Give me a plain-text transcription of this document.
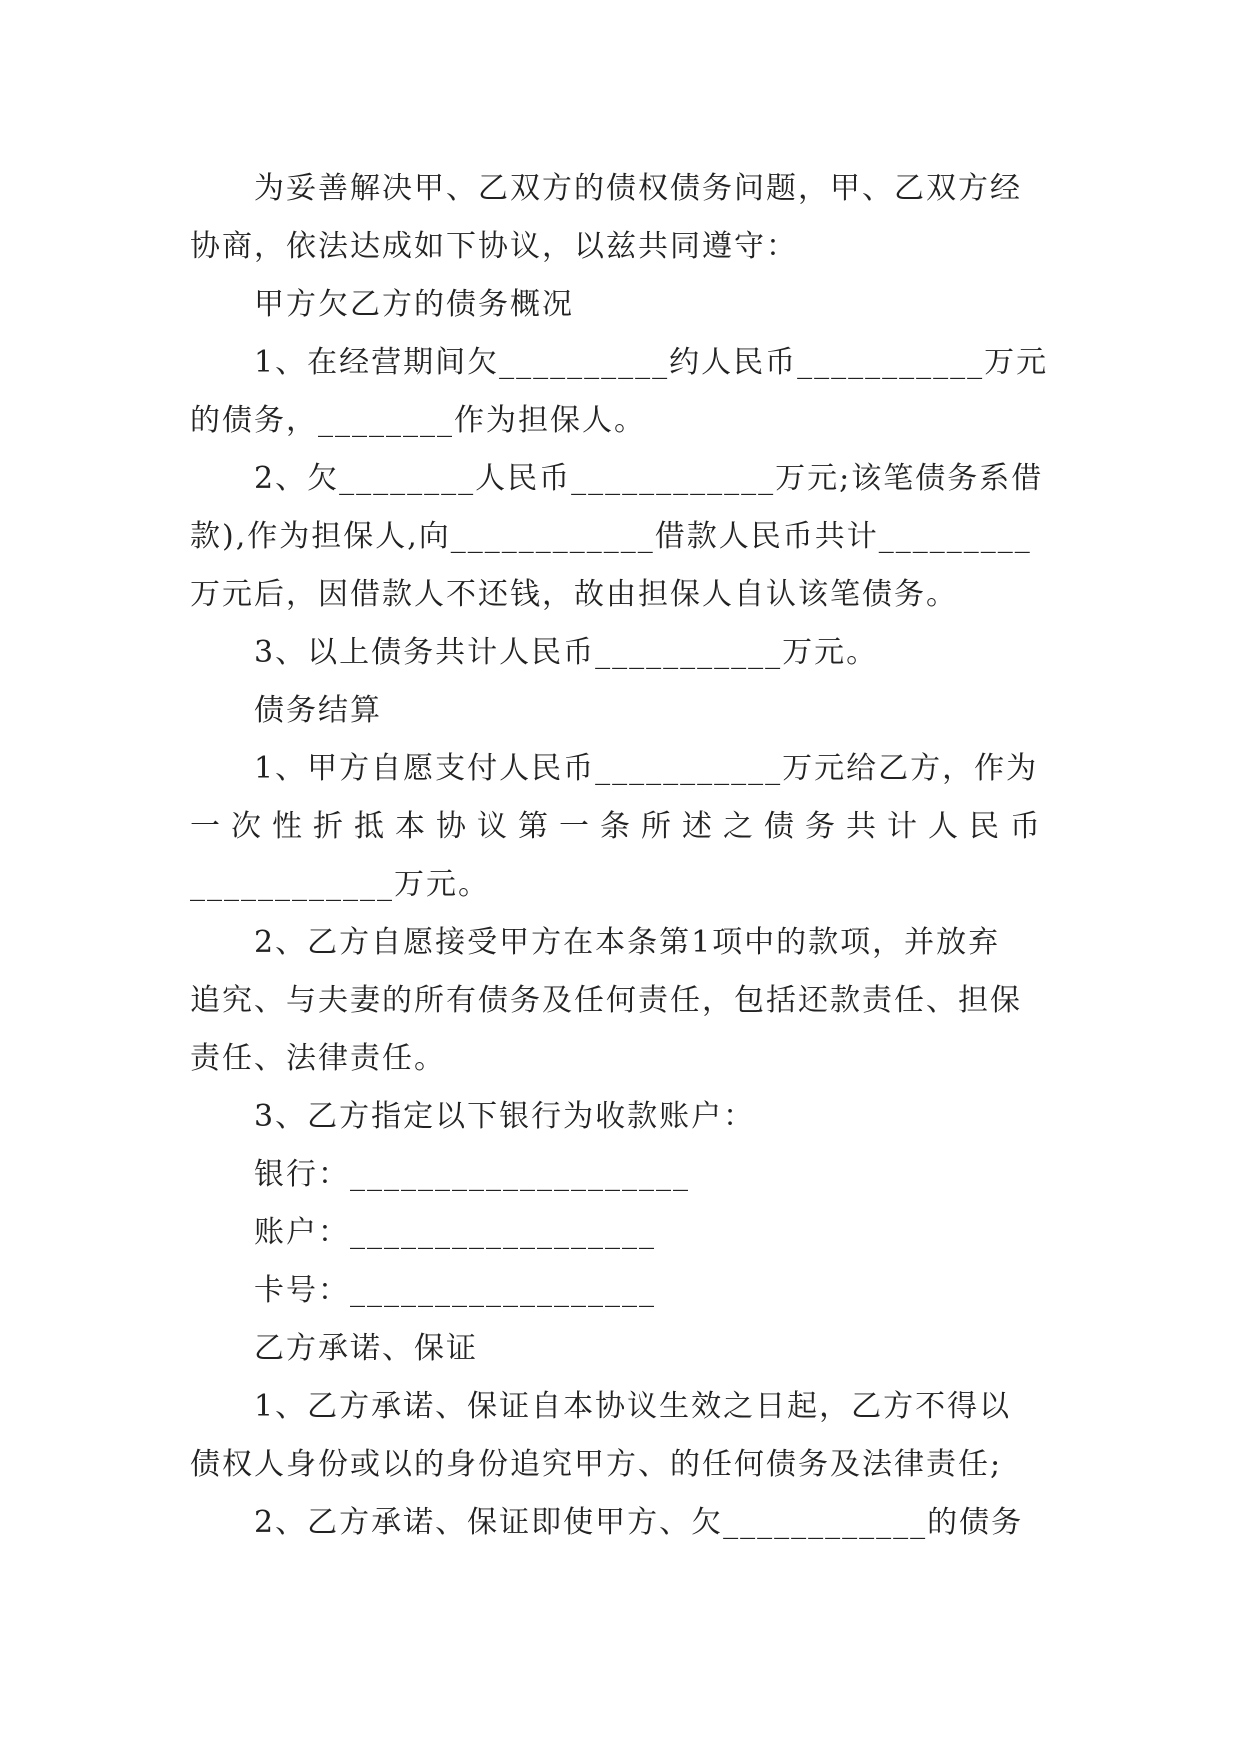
为妥善解决甲、乙双方的债权债务问题，甲、乙双方经
协商，依法达成如下协议，以兹共同遵守：
甲方欠乙方的债务概况
1、在经营期间欠__________约人民币___________万元
的债务，________作为担保人。
2、欠________人民币____________万元;该笔债务系借
款),作为担保人,向____________借款人民币共计_________
万元后，因借款人不还钱，故由担保人自认该笔债务。
3、以上债务共计人民币___________万元。
债务结算
1、甲方自愿支付人民币___________万元给乙方，作为
一次性折抵本协议第一条所述之债务共计人民币
____________万元。
2、乙方自愿接受甲方在本条第1项中的款项，并放弃
追究、与夫妻的所有债务及任何责任，包括还款责任、担保
责任、法律责任。
3、乙方指定以下银行为收款账户：
银行：____________________
账户：__________________
卡号：__________________
乙方承诺、保证
1、乙方承诺、保证自本协议生效之日起，乙方不得以
债权人身份或以的身份追究甲方、的任何债务及法律责任;
2、乙方承诺、保证即使甲方、欠____________的债务
